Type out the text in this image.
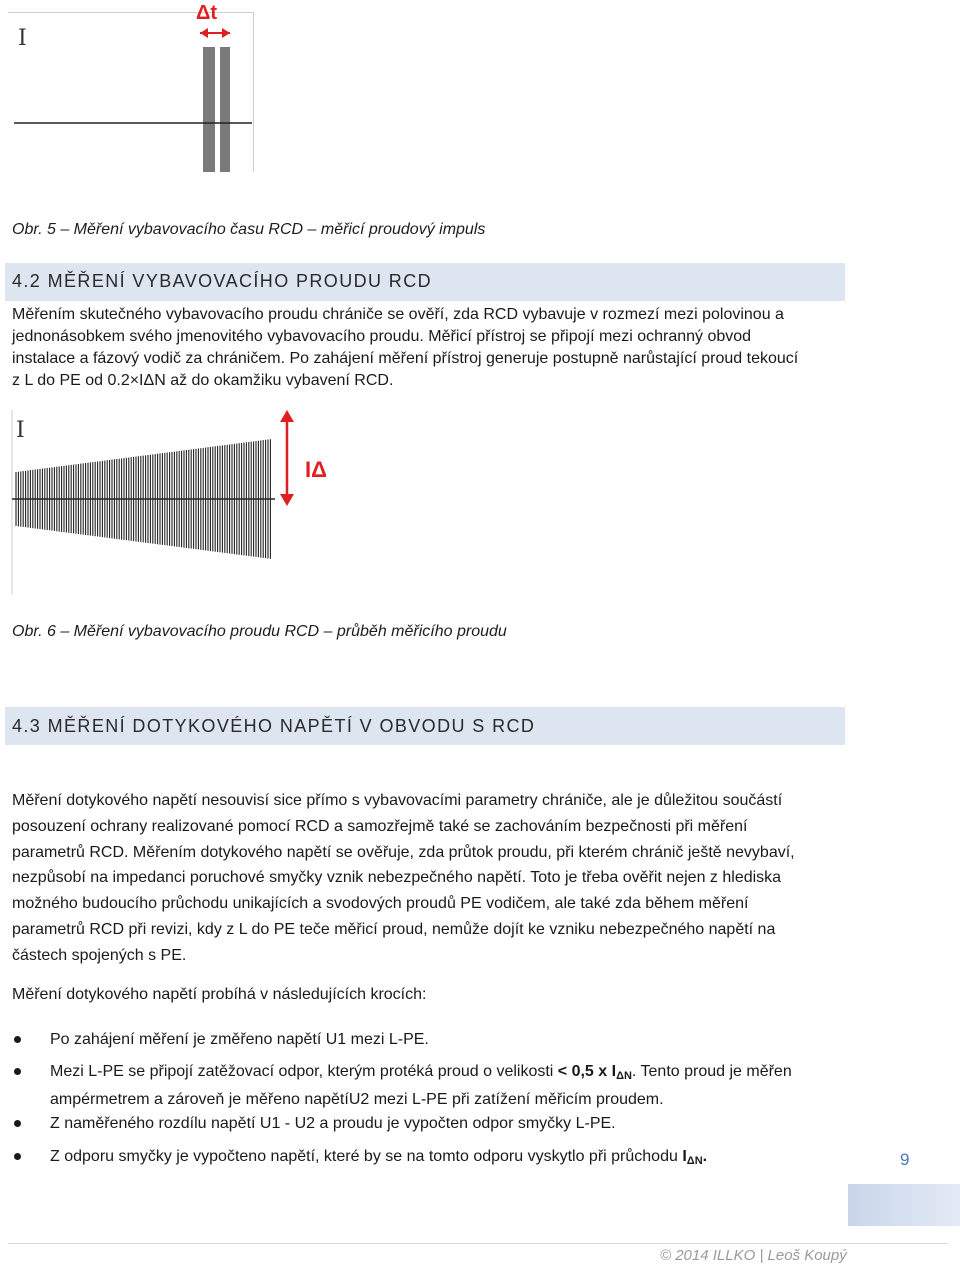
I
Δt
Obr. 5 – Měření vybavovacího času RCD – měřicí proudový impuls
4.2 MĚŘENÍ VYBAVOVACÍHO PROUDU RCD
Měřením skutečného vybavovacího proudu chrániče se ověří, zda RCD vybavuje v rozmezí mezi polovinou a
jednonásobkem svého jmenovitého vybavovacího proudu. Měřicí přístroj se připojí mezi ochranný obvod
instalace a fázový vodič za chráničem. Po zahájení měření přístroj generuje postupně narůstající proud tekoucí
z L do PE od 0.2×IΔN až do okamžiku vybavení RCD.
I
IΔ
Obr. 6 – Měření vybavovacího proudu RCD – průběh měřicího proudu
4.3 MĚŘENÍ DOTYKOVÉHO NAPĚTÍ V OBVODU S RCD
Měření dotykového napětí nesouvisí sice přímo s vybavovacími parametry chrániče, ale je důležitou součástí
posouzení ochrany realizované pomocí RCD a samozřejmě také se zachováním bezpečnosti při měření
parametrů RCD. Měřením dotykového napětí se ověřuje, zda průtok proudu, při kterém chránič ještě nevybaví,
nezpůsobí na impedanci poruchové smyčky vznik nebezpečného napětí. Toto je třeba ověřit nejen z hlediska
možného budoucího průchodu unikajících a svodových proudů PE vodičem, ale také zda během měření
parametrů RCD při revizi, kdy z L do PE teče měřicí proud, nemůže dojít ke vzniku nebezpečného napětí na
částech spojených s PE.
Měření dotykového napětí probíhá v následujících krocích:
Po zahájení měření je změřeno napětí U1 mezi L-PE.
Mezi L-PE se připojí zatěžovací odpor, kterým protéká proud o velikosti < 0,5 x $I_{\Delta N}$. Tento proud je měřen
ampérmetrem a zároveň je měřeno napětíU2 mezi L-PE při zatížení měřicím proudem.
Z naměřeného rozdílu napětí U1 - U2 a proudu je vypočten odpor smyčky L-PE.
Z odporu smyčky je vypočteno napětí, které by se na tomto odporu vyskytlo při průchodu $I_{\Delta N}$.	9
© 2014 ILLKO | Leoš Koupý
